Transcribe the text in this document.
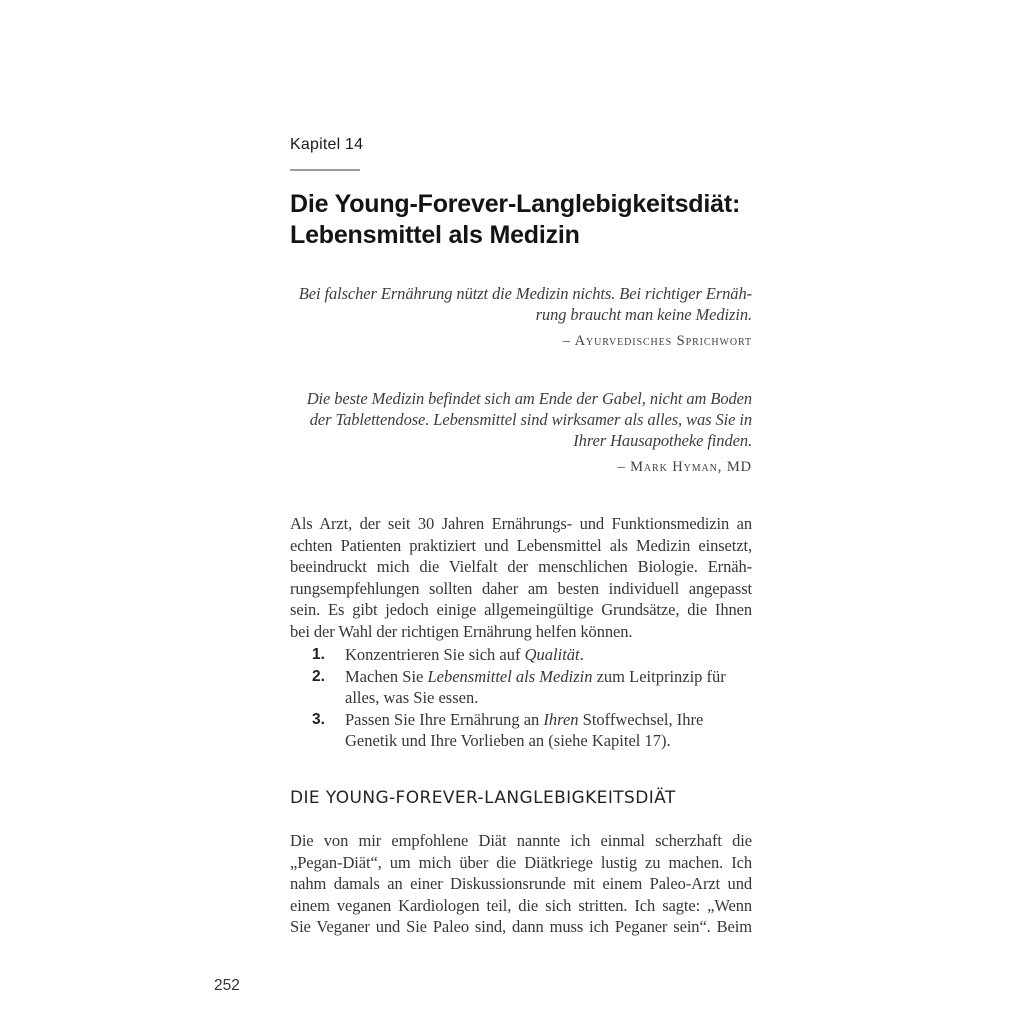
Kapitel 14
Die Young-Forever-Langlebigkeitsdiät:
Lebensmittel als Medizin
Bei falscher Ernährung nützt die Medizin nichts. Bei richtiger Ernäh-
rung braucht man keine Medizin.
– Ayurvedisches Sprichwort
Die beste Medizin befindet sich am Ende der Gabel, nicht am Boden
der Tablettendose. Lebensmittel sind wirksamer als alles, was Sie in
Ihrer Hausapotheke finden.
– Mark Hyman, MD
Als Arzt, der seit 30 Jahren Ernährungs- und Funktionsmedizin an
echten Patienten praktiziert und Lebensmittel als Medizin einsetzt,
beeindruckt mich die Vielfalt der menschlichen Biologie. Ernäh-
rungsempfehlungen sollten daher am besten individuell angepasst
sein. Es gibt jedoch einige allgemeingültige Grundsätze, die Ihnen
bei der Wahl der richtigen Ernährung helfen können.
1. Konzentrieren Sie sich auf Qualität.
2. Machen Sie Lebensmittel als Medizin zum Leitprinzip für alles, was Sie essen.
3. Passen Sie Ihre Ernährung an Ihren Stoffwechsel, Ihre Genetik und Ihre Vorlieben an (siehe Kapitel 17).
DIE YOUNG-FOREVER-LANGLEBIGKEITSDIÄT
Die von mir empfohlene Diät nannte ich einmal scherzhaft die
„Pegan-Diät“, um mich über die Diätkriege lustig zu machen. Ich
nahm damals an einer Diskussionsrunde mit einem Paleo-Arzt und
einem veganen Kardiologen teil, die sich stritten. Ich sagte: „Wenn
Sie Veganer und Sie Paleo sind, dann muss ich Peganer sein“. Beim
252
